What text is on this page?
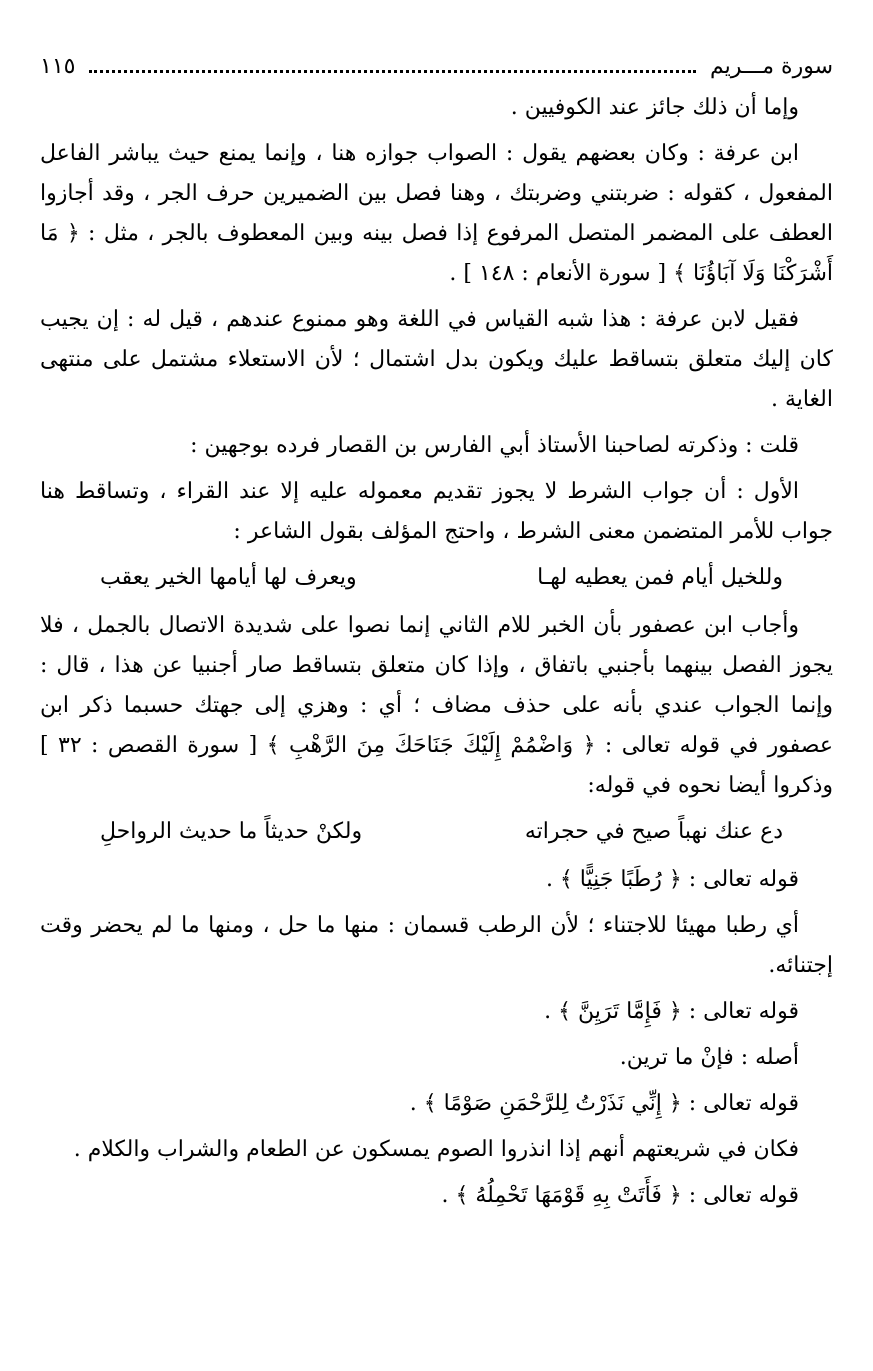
سورة مـــريم
١١٥

وإما أن ذلك جائز عند الكوفيين .

ابن عرفة : وكان بعضهم يقول : الصواب جوازه هنا ، وإنما يمنع حيث يباشر الفاعل المفعول ، كقوله : ضربتني وضربتك ، وهنا فصل بين الضميرين حرف الجر ، وقد أجازوا العطف على المضمر المتصل المرفوع إذا فصل بينه وبين المعطوف بالجر ، مثل : ﴿ مَا أَشْرَكْنَا وَلَا آبَاؤُنَا ﴾ [ سورة الأنعام : ١٤٨ ] .

فقيل لابن عرفة : هذا شبه القياس في اللغة وهو ممنوع عندهم ، قيل له : إن يجيب كان إليك متعلق بتساقط عليك ويكون بدل اشتمال ؛ لأن الاستعلاء مشتمل على منتهى الغاية .

قلت : وذكرته لصاحبنا الأستاذ أبي الفارس بن القصار فرده بوجهين :

الأول : أن جواب الشرط لا يجوز تقديم معموله عليه إلا عند القراء ، وتساقط هنا جواب للأمر المتضمن معنى الشرط ، واحتج المؤلف بقول الشاعر :

وللخيل أيام فمن يعطيه لهـا
ويعرف لها أيامها الخير يعقب

وأجاب ابن عصفور بأن الخبر للام الثاني إنما نصوا على شديدة الاتصال بالجمل ، فلا يجوز الفصل بينهما بأجنبي باتفاق ، وإذا كان متعلق بتساقط صار أجنبيا عن هذا ، قال : وإنما الجواب عندي بأنه على حذف مضاف ؛ أي : وهزي إلى جهتك حسبما ذكر ابن عصفور في قوله تعالى : ﴿ وَاضْمُمْ إِلَيْكَ جَنَاحَكَ مِنَ الرَّهْبِ ﴾ [ سورة القصص : ٣٢ ] وذكروا أيضا نحوه في قوله:

دع عنك نهباً صيح في حجراته
ولكنْ حديثاً ما حديث الرواحلِ

قوله تعالى : ﴿ رُطَبًا جَنِيًّا ﴾ .

أي رطبا مهيئا للاجتناء ؛ لأن الرطب قسمان : منها ما حل ، ومنها ما لم يحضر وقت إجتنائه.

قوله تعالى : ﴿ فَإِمَّا تَرَيِنَّ ﴾ .

أصله : فإنْ ما ترين.

قوله تعالى : ﴿ إِنِّي نَذَرْتُ لِلرَّحْمَنِ صَوْمًا ﴾ .

فكان في شريعتهم أنهم إذا انذروا الصوم يمسكون عن الطعام والشراب والكلام .

قوله تعالى : ﴿ فَأَتَتْ بِهِ قَوْمَهَا تَحْمِلُهُ ﴾ .
